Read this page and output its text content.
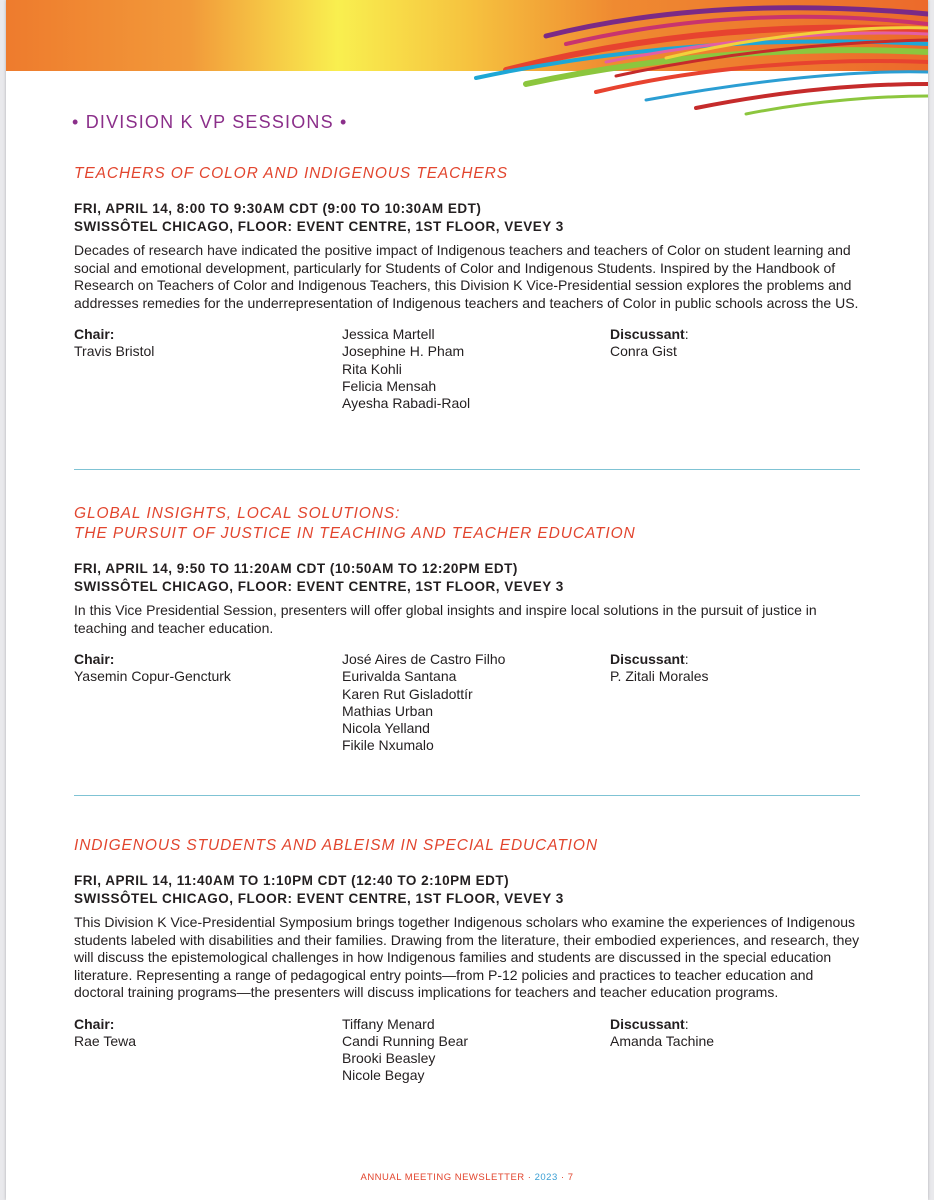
• DIVISION K VP SESSIONS •
TEACHERS OF COLOR AND INDIGENOUS TEACHERS
FRI, APRIL 14, 8:00 TO 9:30AM CDT (9:00 TO 10:30AM EDT)
SWISSÔTEL CHICAGO, FLOOR: EVENT CENTRE, 1ST FLOOR, VEVEY 3

Decades of research have indicated the positive impact of Indigenous teachers and teachers of Color on student learning and social and emotional development, particularly for Students of Color and Indigenous Students. Inspired by the Handbook of Research on Teachers of Color and Indigenous Teachers, this Division K Vice-Presidential session explores the problems and addresses remedies for the underrepresentation of Indigenous teachers and teachers of Color in public schools across the US.

Chair:
Travis Bristol
Jessica Martell
Josephine H. Pham
Rita Kohli
Felicia Mensah
Ayesha Rabadi-Raol
Discussant:
Conra Gist
GLOBAL INSIGHTS, LOCAL SOLUTIONS:
THE PURSUIT OF JUSTICE IN TEACHING AND TEACHER EDUCATION
FRI, APRIL 14, 9:50 TO 11:20AM CDT (10:50AM TO 12:20PM EDT)
SWISSÔTEL CHICAGO, FLOOR: EVENT CENTRE, 1ST FLOOR, VEVEY 3

In this Vice Presidential Session, presenters will offer global insights and inspire local solutions in the pursuit of justice in teaching and teacher education.

Chair:
Yasemin Copur-Gencturk
José Aires de Castro Filho
Eurivalda Santana
Karen Rut Gisladottír
Mathias Urban
Nicola Yelland
Fikile Nxumalo
Discussant:
P. Zitali Morales
INDIGENOUS STUDENTS AND ABLEISM IN SPECIAL EDUCATION
FRI, APRIL 14, 11:40AM TO 1:10PM CDT (12:40 TO 2:10PM EDT)
SWISSÔTEL CHICAGO, FLOOR: EVENT CENTRE, 1ST FLOOR, VEVEY 3

This Division K Vice-Presidential Symposium brings together Indigenous scholars who examine the experiences of Indigenous students labeled with disabilities and their families. Drawing from the literature, their embodied experiences, and research, they will discuss the epistemological challenges in how Indigenous families and students are discussed in the special education literature. Representing a range of pedagogical entry points—from P-12 policies and practices to teacher education and doctoral training programs—the presenters will discuss implications for teachers and teacher education programs.

Chair:
Rae Tewa
Tiffany Menard
Candi Running Bear
Brooki Beasley
Nicole Begay
Discussant:
Amanda Tachine
ANNUAL MEETING NEWSLETTER · 2023 · 7
